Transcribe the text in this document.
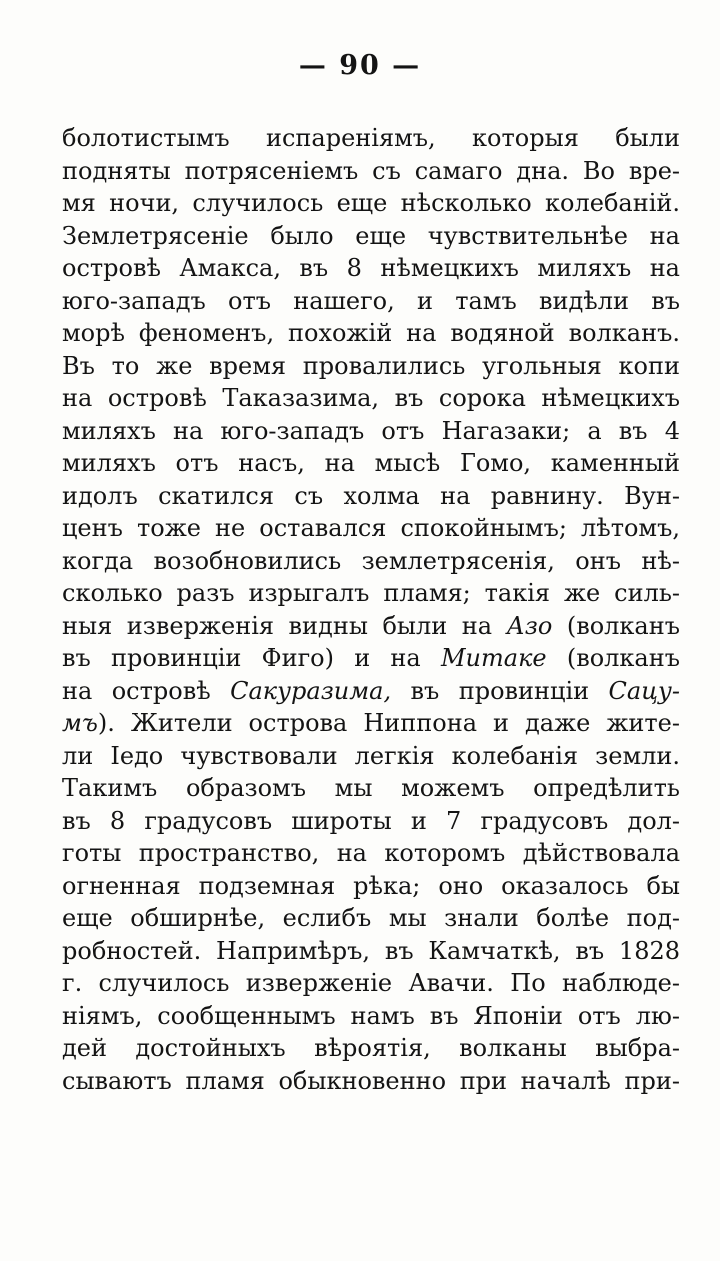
— 90 —
болотистымъ испареніямъ, которыя были
подняты потрясеніемъ съ самаго дна. Во вре-
мя ночи, случилось еще нѣсколько колебаній.
Землетрясеніе было еще чувствительнѣе на
островѣ Амакса, въ 8 нѣмецкихъ миляхъ на
юго-западъ отъ нашего, и тамъ видѣли въ
морѣ феноменъ, похожій на водяной волканъ.
Въ то же время провалились угольныя копи
на островѣ Таказазима, въ сорока нѣмецкихъ
миляхъ на юго-западъ отъ Нагазаки; а въ 4
миляхъ отъ насъ, на мысѣ Гомо, каменный
идолъ скатился съ холма на равнину. Вун-
ценъ тоже не оставался спокойнымъ; лѣтомъ,
когда возобновились землетрясенія, онъ нѣ-
сколько разъ изрыгалъ пламя; такія же силь-
ныя изверженія видны были на Азо (волканъ
въ провинціи Фиго) и на Митаке (волканъ
на островѣ Сакуразима, въ провинціи Сацу-
мъ). Жители острова Ниппона и даже жите-
ли Іедо чувствовали легкія колебанія земли.
Такимъ образомъ мы можемъ опредѣлить
въ 8 градусовъ широты и 7 градусовъ дол-
готы пространство, на которомъ дѣйствовала
огненная подземная рѣка; оно оказалось бы
еще обширнѣе, еслибъ мы знали болѣе под-
робностей. Напримѣръ, въ Камчаткѣ, въ 1828
г. случилось изверженіе Авачи. По наблюде-
ніямъ, сообщеннымъ намъ въ Японіи отъ лю-
дей достойныхъ вѣроятія, волканы выбра-
сываютъ пламя обыкновенно при началѣ при-
